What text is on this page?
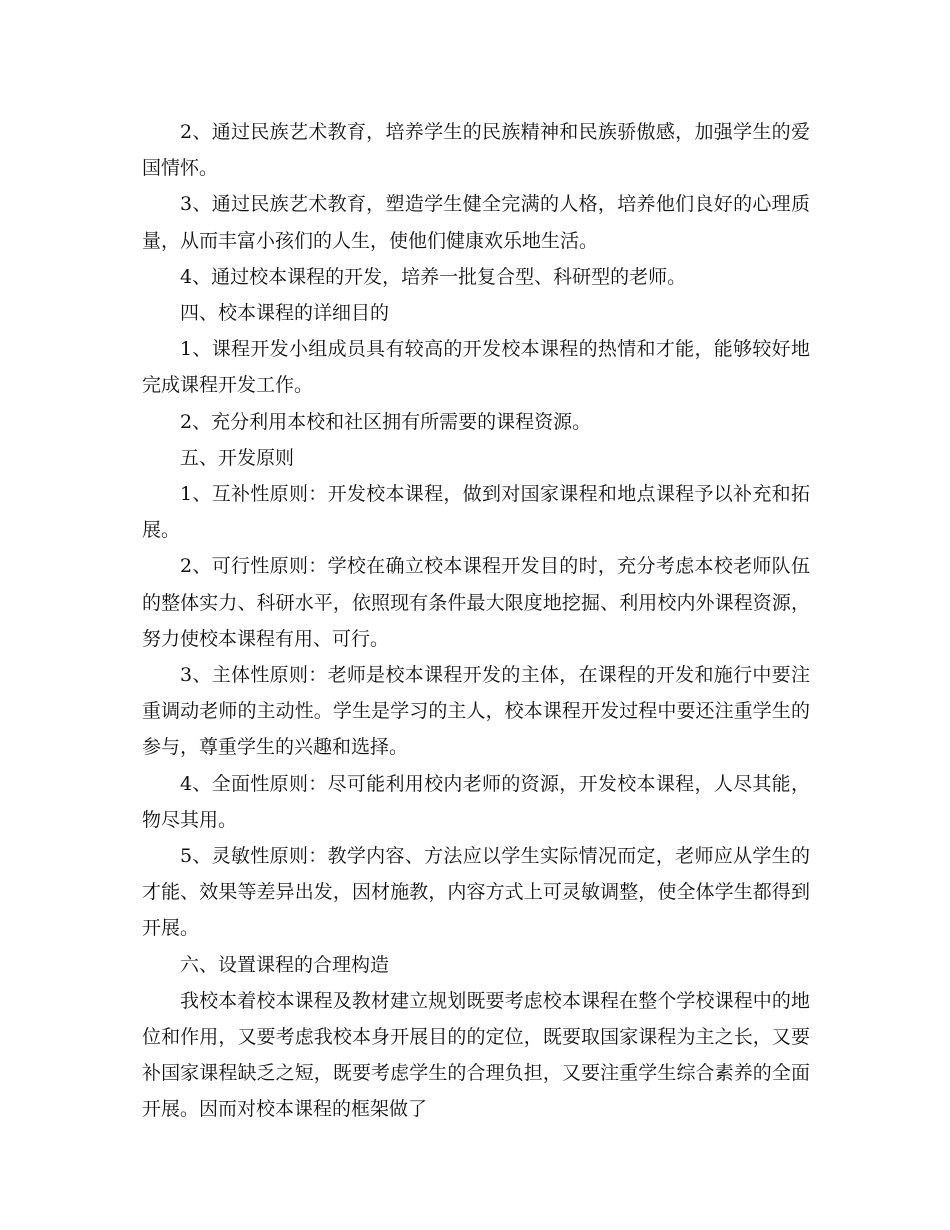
2、通过民族艺术教育，培养学生的民族精神和民族骄傲感，加强学生的爱国情怀。

3、通过民族艺术教育，塑造学生健全完满的人格，培养他们良好的心理质量，从而丰富小孩们的人生，使他们健康欢乐地生活。

4、通过校本课程的开发，培养一批复合型、科研型的老师。

四、校本课程的详细目的

1、课程开发小组成员具有较高的开发校本课程的热情和才能，能够较好地完成课程开发工作。

2、充分利用本校和社区拥有所需要的课程资源。

五、开发原则

1、互补性原则：开发校本课程，做到对国家课程和地点课程予以补充和拓展。

2、可行性原则：学校在确立校本课程开发目的时，充分考虑本校老师队伍的整体实力、科研水平，依照现有条件最大限度地挖掘、利用校内外课程资源，努力使校本课程有用、可行。

3、主体性原则：老师是校本课程开发的主体，在课程的开发和施行中要注重调动老师的主动性。学生是学习的主人，校本课程开发过程中要还注重学生的参与，尊重学生的兴趣和选择。

4、全面性原则：尽可能利用校内老师的资源，开发校本课程，人尽其能，物尽其用。

5、灵敏性原则：教学内容、方法应以学生实际情况而定，老师应从学生的才能、效果等差异出发，因材施教，内容方式上可灵敏调整，使全体学生都得到开展。

六、设置课程的合理构造

我校本着校本课程及教材建立规划既要考虑校本课程在整个学校课程中的地位和作用，又要考虑我校本身开展目的的定位，既要取国家课程为主之长，又要补国家课程缺乏之短，既要考虑学生的合理负担，又要注重学生综合素养的全面开展。因而对校本课程的框架做了
